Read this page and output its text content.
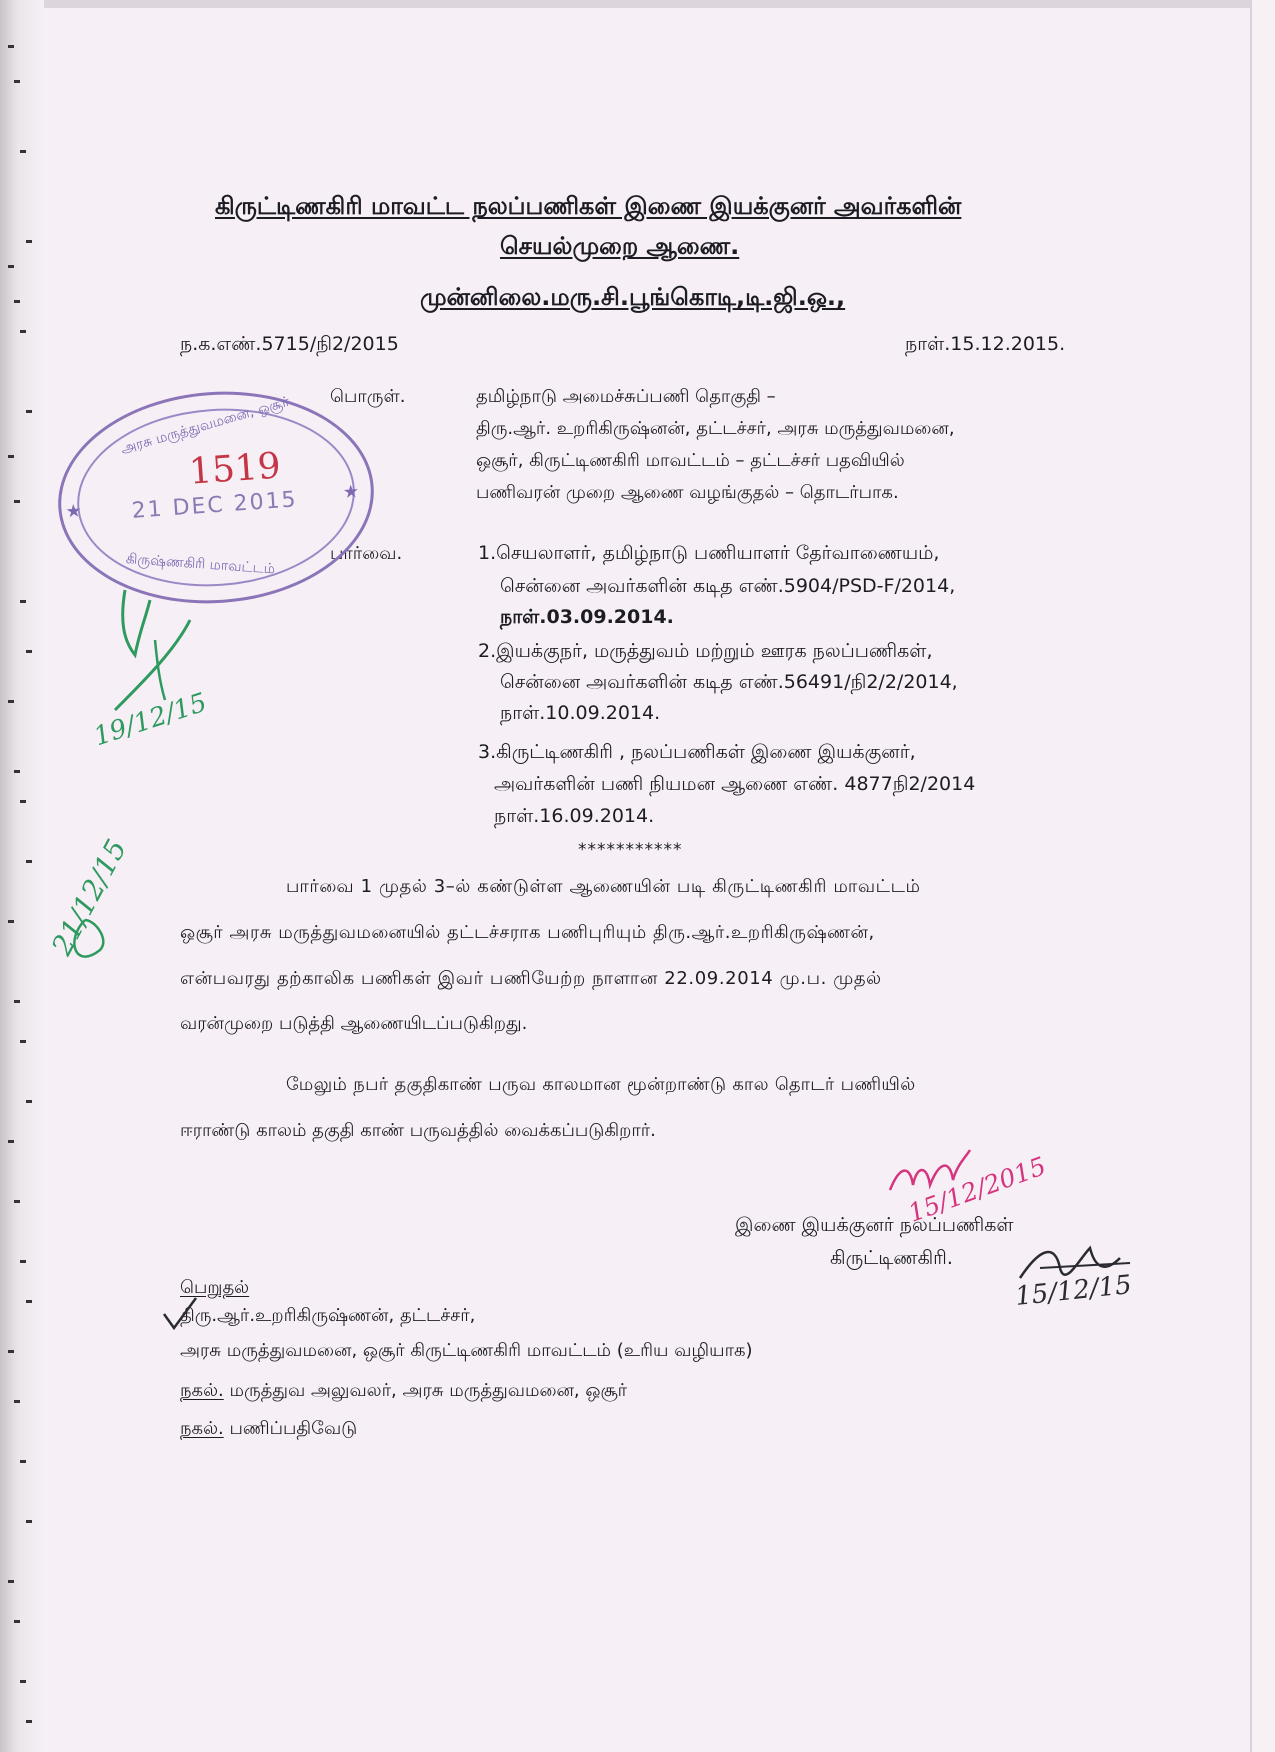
கிருட்டிணகிரி மாவட்ட நலப்பணிகள் இணை இயக்குனர் அவர்களின்
செயல்முறை ஆணை.
முன்னிலை.மரு.சி.பூங்கொடி,டி.ஜி.ஒ.,
ந.க.எண்.5715/நி2/2015	நாள்.15.12.2015.
பொருள்.	தமிழ்நாடு அமைச்சுப்பணி தொகுதி –
திரு.ஆர். உறரிகிருஷ்னன், தட்டச்சர், அரசு மருத்துவமனை,
ஒசூர், கிருட்டிணகிரி மாவட்டம் – தட்டச்சர் பதவியில்
பணிவரன் முறை ஆணை வழங்குதல் – தொடர்பாக.
பார்வை.	1.செயலாளர், தமிழ்நாடு பணியாளர் தேர்வாணையம்,
சென்னை அவர்களின் கடித எண்.5904/PSD-F/2014,
நாள்.03.09.2014.
2.இயக்குநர், மருத்துவம் மற்றும் ஊரக நலப்பணிகள்,
சென்னை அவர்களின் கடித எண்.56491/நி2/2/2014,
நாள்.10.09.2014.
3.கிருட்டிணகிரி , நலப்பணிகள் இணை இயக்குனர்,
அவர்களின் பணி நியமன ஆணை எண். 4877நி2/2014
நாள்.16.09.2014.
***********
பார்வை 1 முதல் 3–ல் கண்டுள்ள ஆணையின் படி கிருட்டிணகிரி மாவட்டம்
ஒசூர் அரசு மருத்துவமனையில் தட்டச்சராக பணிபுரியும் திரு.ஆர்.உறரிகிருஷ்ணன்,
என்பவரது தற்காலிக பணிகள் இவர் பணியேற்ற நாளான 22.09.2014 மு.ப. முதல்
வரன்முறை படுத்தி ஆணையிடப்படுகிறது.
மேலும் நபர் தகுதிகாண் பருவ காலமான மூன்றாண்டு கால தொடர் பணியில்
ஈராண்டு காலம் தகுதி காண் பருவத்தில் வைக்கப்படுகிறார்.
இணை இயக்குனர் நலப்பணிகள்
கிருட்டிணகிரி.
பெறுதல்
திரு.ஆர்.உறரிகிருஷ்ணன், தட்டச்சர்,
அரசு மருத்துவமனை, ஒசூர் கிருட்டிணகிரி மாவட்டம் (உரிய வழியாக)
நகல். மருத்துவ அலுவலர், அரசு மருத்துவமனை, ஒசூர்
நகல். பணிப்பதிவேடு
அரசு மருத்துவமனை, ஒசூர்
1519
21 DEC 2015
கிருஷ்ணகிரி மாவட்டம்
★
★
19/12/15
21/12/15
15/12/2015
15/12/15
